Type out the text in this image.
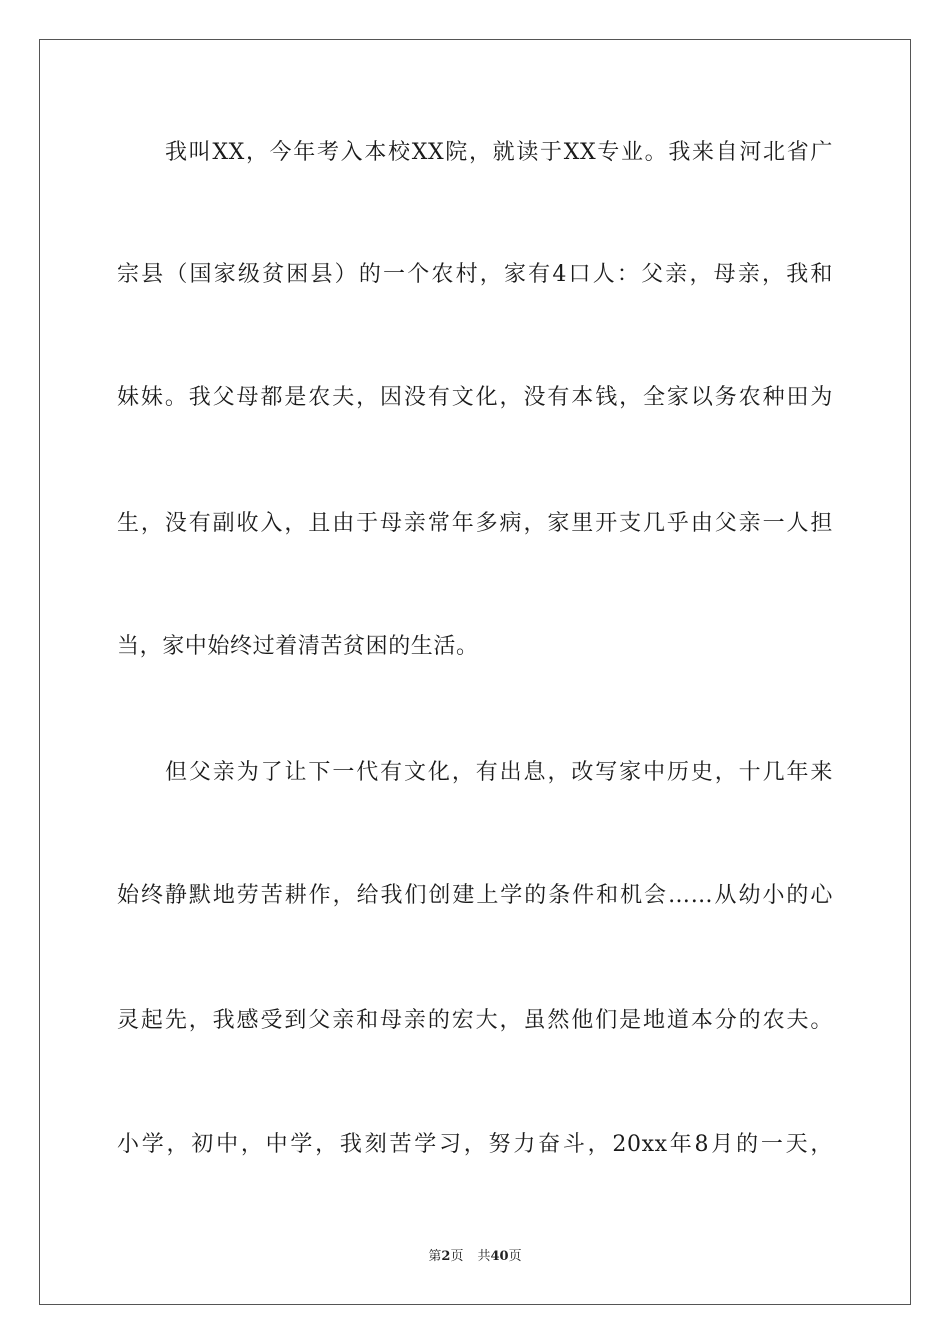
我叫XX，今年考入本校XX院，就读于XX专业。我来自河北省广
宗县（国家级贫困县）的一个农村，家有4口人：父亲，母亲，我和
妹妹。我父母都是农夫，因没有文化，没有本钱，全家以务农种田为
生，没有副收入，且由于母亲常年多病，家里开支几乎由父亲一人担
当，家中始终过着清苦贫困的生活。
但父亲为了让下一代有文化，有出息，改写家中历史，十几年来
始终静默地劳苦耕作，给我们创建上学的条件和机会……从幼小的心
灵起先，我感受到父亲和母亲的宏大，虽然他们是地道本分的农夫。
小学，初中，中学，我刻苦学习，努力奋斗，20xx年8月的一天，
第2页 共40页
